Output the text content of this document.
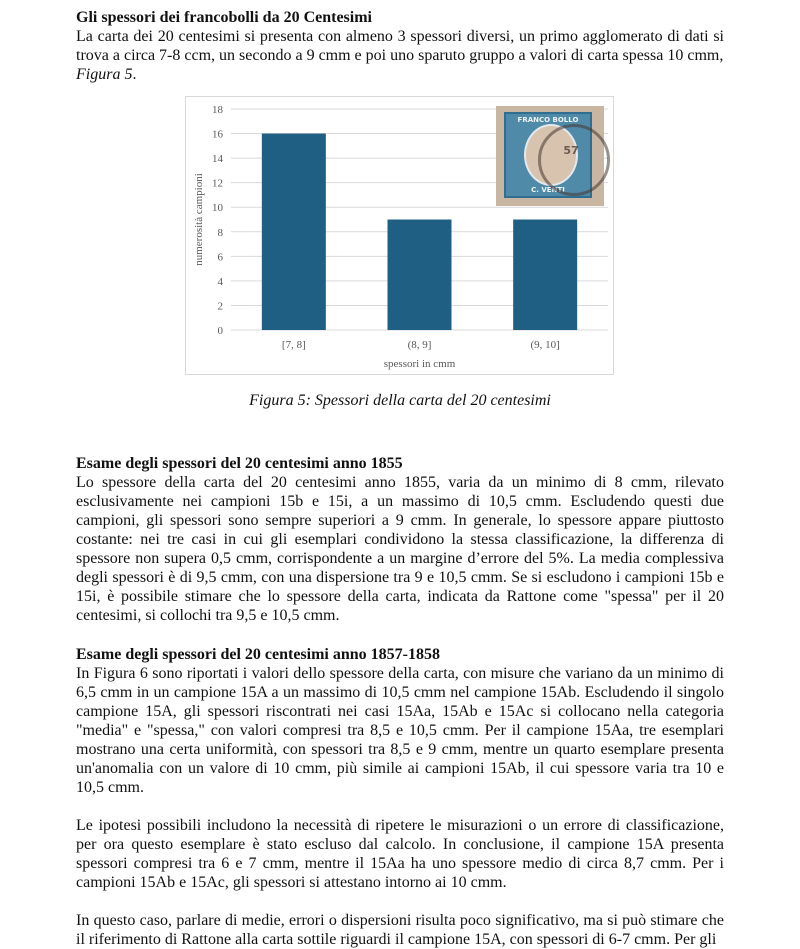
Gli spessori dei francobolli da 20 Centesimi

La carta dei 20 centesimi si presenta con almeno 3 spessori diversi, un primo agglomerato di dati si trova a circa 7-8 ccm, un secondo a 9 cmm e poi uno sparuto gruppo a valori di carta spessa 10 cmm,
Figura 5.

Esame degli spessori del 20 centesimi anno 1855

Lo spessore della carta del 20 centesimi anno 1855, varia da un minimo di 8 cmm, rilevato esclusivamente nei campioni 15b e 15i, a un massimo di 10,5 cmm. Escludendo questi due campioni, gli spessori sono sempre superiori a 9 cmm. In generale, lo spessore appare piuttosto costante: nei tre casi in cui gli esemplari condividono la stessa classificazione, la differenza di spessore non supera 0,5 cmm, corrispondente a un margine d’errore del 5%. La media complessiva degli spessori è di 9,5 cmm, con una dispersione tra 9 e 10,5 cmm. Se si escludono i campioni 15b e 15i, è possibile stimare che lo spessore della carta, indicata da Rattone come "spessa" per il 20 centesimi, si collochi tra 9,5 e 10,5 cmm.

Esame degli spessori del 20 centesimi anno 1857-1858

In Figura 6 sono riportati i valori dello spessore della carta, con misure che variano da un minimo di 6,5 cmm in un campione 15A a un massimo di 10,5 cmm nel campione 15Ab. Escludendo il singolo campione 15A, gli spessori riscontrati nei casi 15Aa, 15Ab e 15Ac si collocano nella categoria "media" e "spessa," con valori compresi tra 8,5 e 10,5 cmm. Per il campione 15Aa, tre esemplari mostrano una certa uniformità, con spessori tra 8,5 e 9 cmm, mentre un quarto esemplare presenta un'anomalia con un valore di 10 cmm, più simile ai campioni 15Ab, il cui spessore varia tra 10 e 10,5 cmm.

Le ipotesi possibili includono la necessità di ripetere le misurazioni o un errore di classificazione, per ora questo esemplare è stato escluso dal calcolo. In conclusione, il campione 15A presenta spessori compresi tra 6 e 7 cmm, mentre il 15Aa ha uno spessore medio di circa 8,7 cmm. Per i campioni 15Ab e 15Ac, gli spessori si attestano intorno ai 10 cmm.

In questo caso, parlare di medie, errori o dispersioni risulta poco significativo, ma si può stimare che il riferimento di Rattone alla carta sottile riguardi il campione 15A, con spessori di 6-7 cmm. Per gli

0
2
4
6
8
10
12
14
16
18
[7, 8]	(8, 9]	(9, 10]
spessori in cmm
numerosità campioni
FRANCO BOLLO
C. VENTI
57
Figura 5: Spessori della carta del 20 centesimi
